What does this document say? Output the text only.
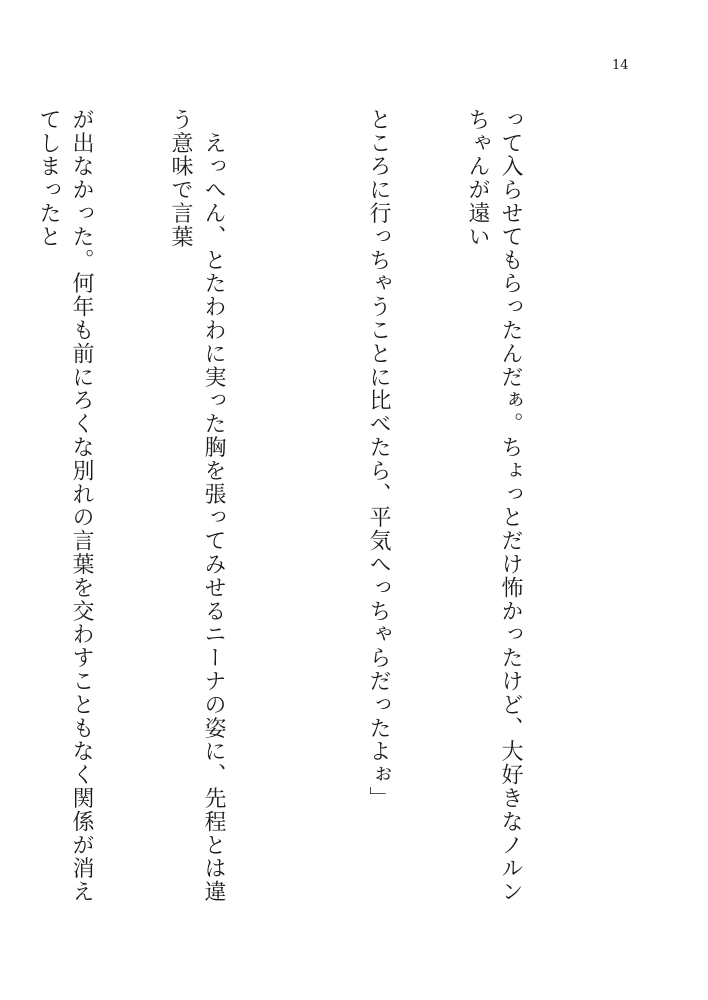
14

って入らせてもらったんだぁ。ちょっとだけ怖かったけど、大好きなノルンちゃんが遠い

ところに行っちゃうことに比べたら、平気へっちゃらだったよぉ」

　えっへん、とたわわに実った胸を張ってみせるニーナの姿に、先程とは違う意味で言葉

が出なかった。何年も前にろくな別れの言葉を交わすこともなく関係が消えてしまったと
